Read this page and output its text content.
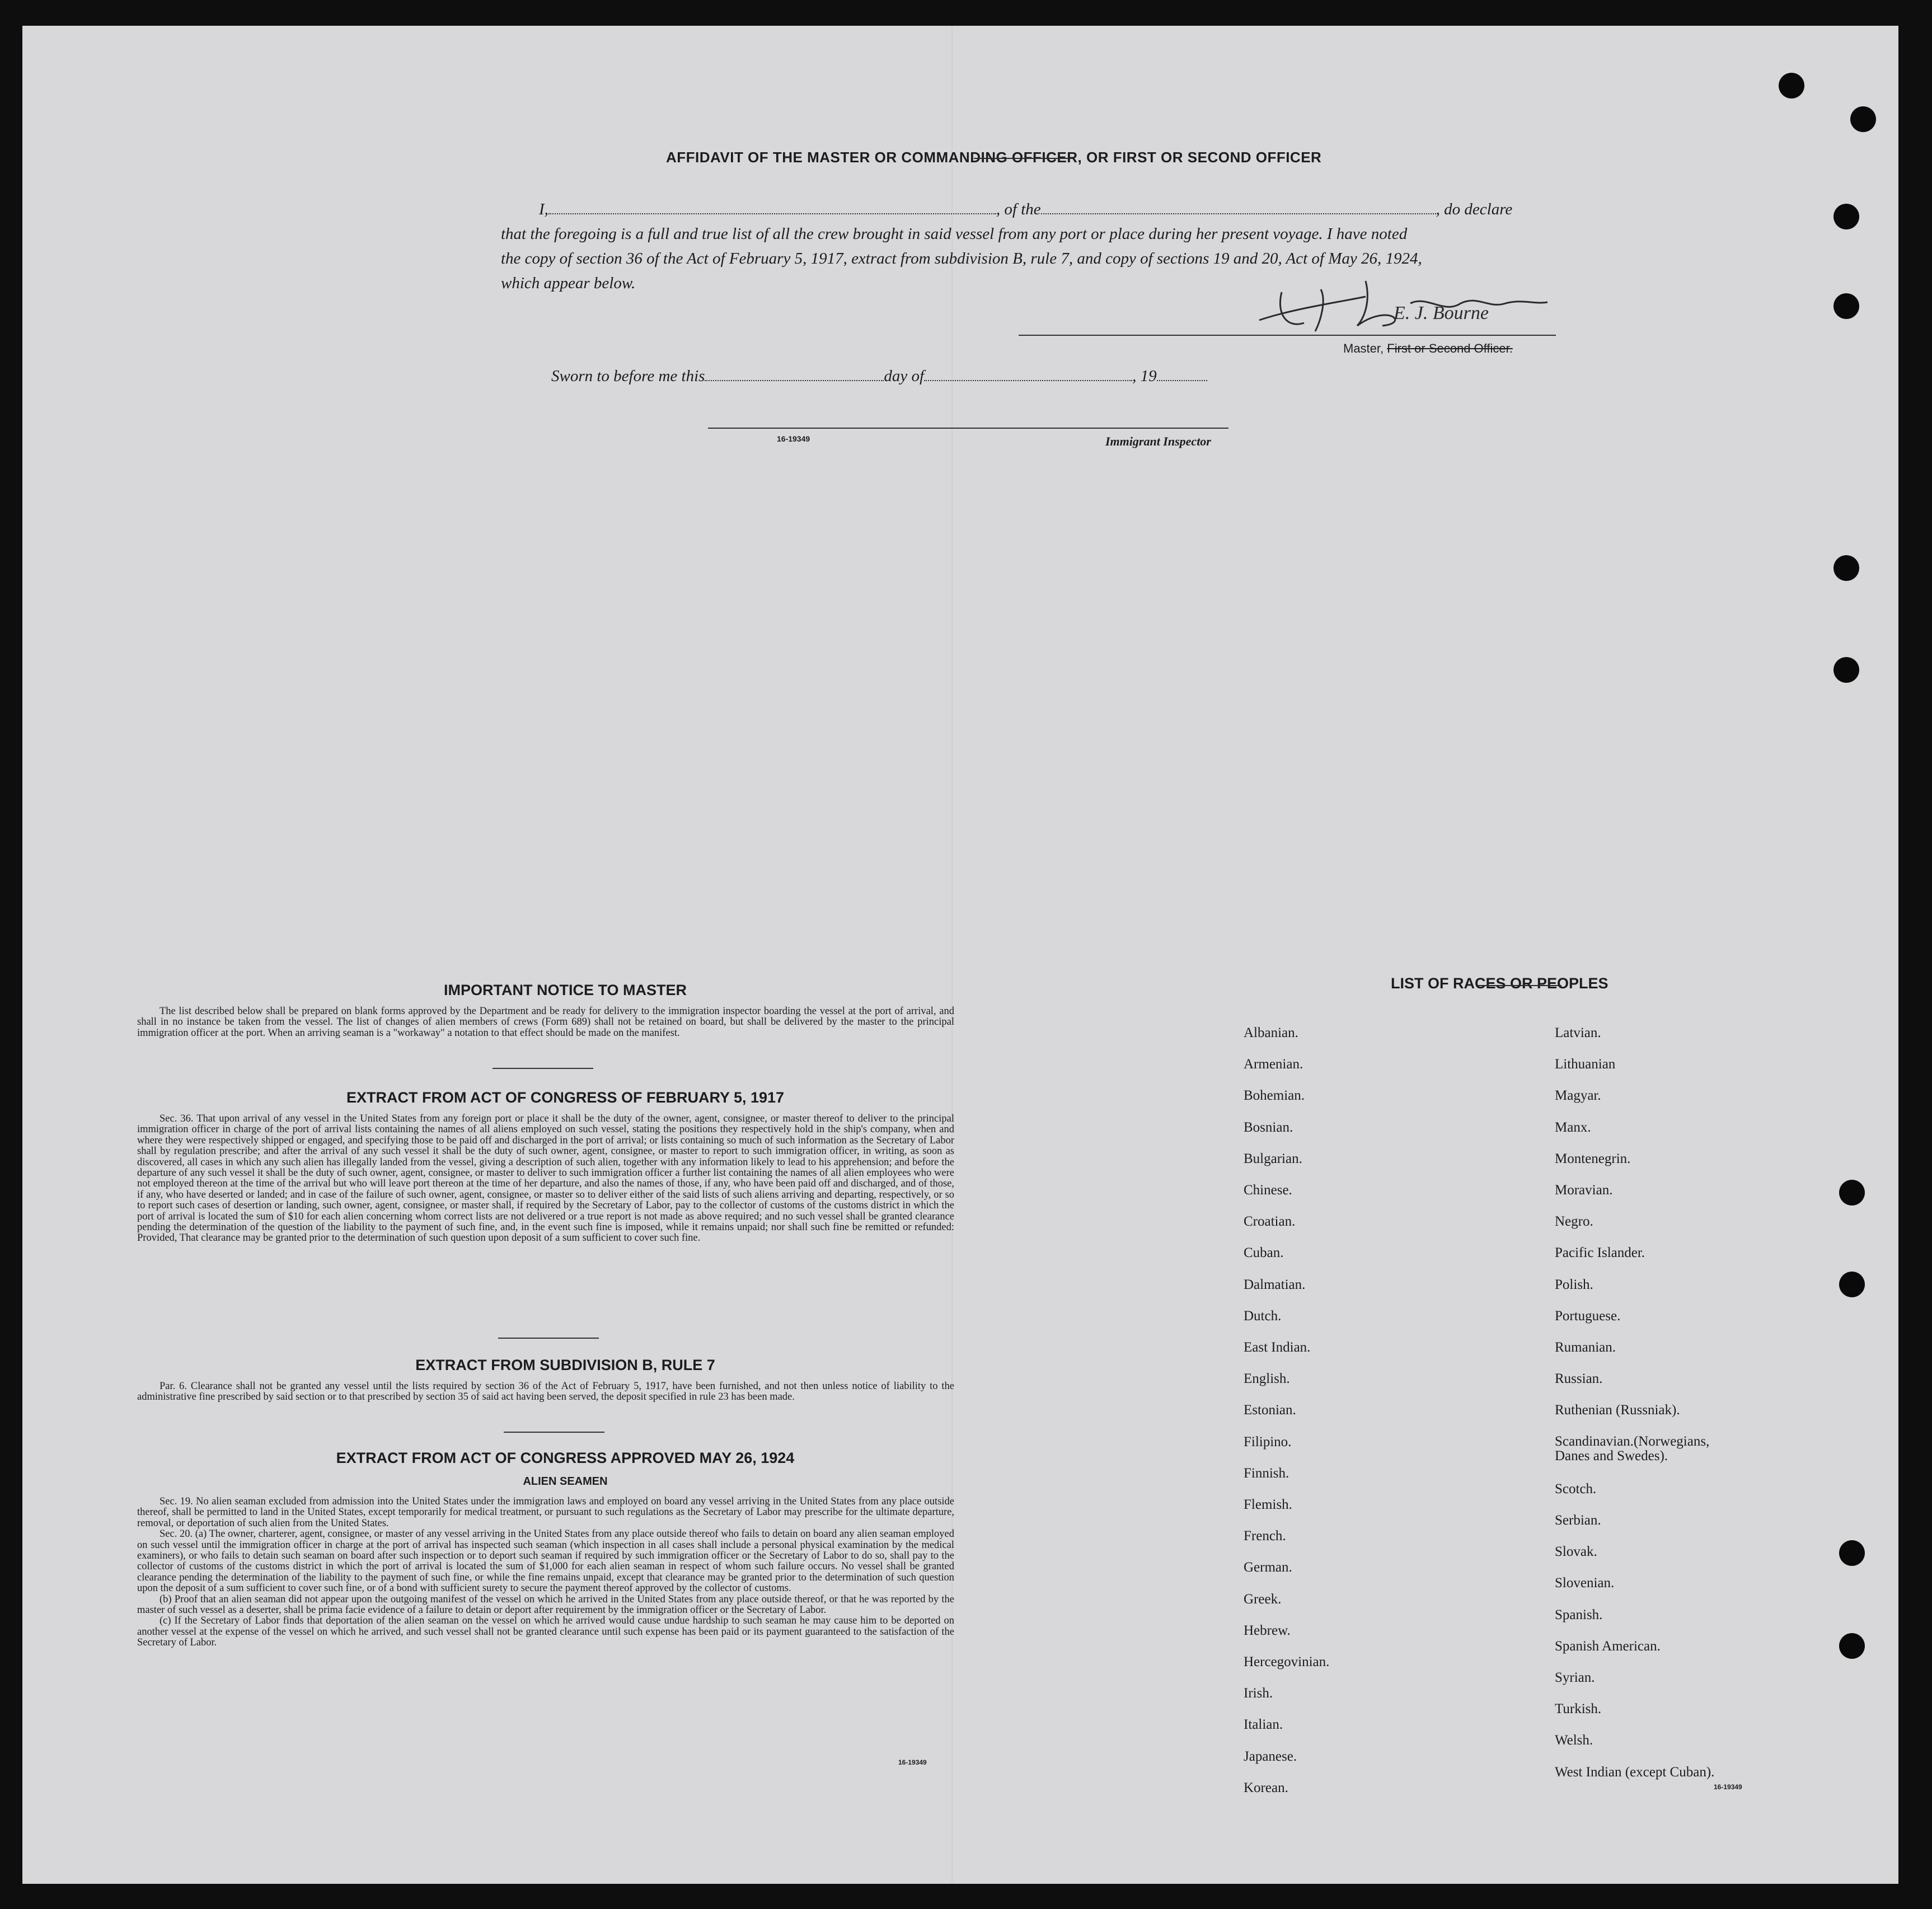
AFFIDAVIT OF THE MASTER OR COMMANDING OFFICER, OR FIRST OR SECOND OFFICER
I,	, of the	, do declare
that the foregoing is a full and true list of all the crew brought in said vessel from any port or place during her present voyage. I have noted
the copy of section 36 of the Act of February 5, 1917, extract from subdivision B, rule 7, and copy of sections 19 and 20, Act of May 26, 1924,
which appear below.
E. J. Bourne
Master, First or Second Officer.
Sworn to before me this	day of	, 19
16-19349	Immigrant Inspector
IMPORTANT NOTICE TO MASTER
The list described below shall be prepared on blank forms approved by the Department and be ready for delivery to the immigration inspector boarding the vessel at the port of arrival, and shall in no instance be taken from the vessel. The list of changes of alien members of crews (Form 689) shall not be retained on board, but shall be delivered by the master to the principal immigration officer at the port. When an arriving seaman is a "workaway" a notation to that effect should be made on the manifest.
EXTRACT FROM ACT OF CONGRESS OF FEBRUARY 5, 1917
Sec. 36. That upon arrival of any vessel in the United States from any foreign port or place it shall be the duty of the owner, agent, consignee, or master thereof to deliver to the principal immigration officer in charge of the port of arrival lists containing the names of all aliens employed on such vessel, stating the positions they respectively hold in the ship's company, when and where they were respectively shipped or engaged, and specifying those to be paid off and discharged in the port of arrival; or lists containing so much of such information as the Secretary of Labor shall by regulation prescribe; and after the arrival of any such vessel it shall be the duty of such owner, agent, consignee, or master to report to such immigration officer, in writing, as soon as discovered, all cases in which any such alien has illegally landed from the vessel, giving a description of such alien, together with any information likely to lead to his apprehension; and before the departure of any such vessel it shall be the duty of such owner, agent, consignee, or master to deliver to such immigration officer a further list containing the names of all alien employees who were not employed thereon at the time of the arrival but who will leave port thereon at the time of her departure, and also the names of those, if any, who have been paid off and discharged, and of those, if any, who have deserted or landed; and in case of the failure of such owner, agent, consignee, or master so to deliver either of the said lists of such aliens arriving and departing, respectively, or so to report such cases of desertion or landing, such owner, agent, consignee, or master shall, if required by the Secretary of Labor, pay to the collector of customs of the customs district in which the port of arrival is located the sum of $10 for each alien concerning whom correct lists are not delivered or a true report is not made as above required; and no such vessel shall be granted clearance pending the determination of the question of the liability to the payment of such fine, and, in the event such fine is imposed, while it remains unpaid; nor shall such fine be remitted or refunded: Provided, That clearance may be granted prior to the determination of such question upon deposit of a sum sufficient to cover such fine.
EXTRACT FROM SUBDIVISION B, RULE 7
Par. 6. Clearance shall not be granted any vessel until the lists required by section 36 of the Act of February 5, 1917, have been furnished, and not then unless notice of liability to the administrative fine prescribed by said section or to that prescribed by section 35 of said act having been served, the deposit specified in rule 23 has been made.
EXTRACT FROM ACT OF CONGRESS APPROVED MAY 26, 1924
ALIEN SEAMEN

Sec. 19. No alien seaman excluded from admission into the United States under the immigration laws and employed on board any vessel arriving in the United States from any place outside thereof, shall be permitted to land in the United States, except temporarily for medical treatment, or pursuant to such regulations as the Secretary of Labor may prescribe for the ultimate departure, removal, or deportation of such alien from the United States.

Sec. 20. (a) The owner, charterer, agent, consignee, or master of any vessel arriving in the United States from any place outside thereof who fails to detain on board any alien seaman employed on such vessel until the immigration officer in charge at the port of arrival has inspected such seaman (which inspection in all cases shall include a personal physical examination by the medical examiners), or who fails to detain such seaman on board after such inspection or to deport such seaman if required by such immigration officer or the Secretary of Labor to do so, shall pay to the collector of customs of the customs district in which the port of arrival is located the sum of $1,000 for each alien seaman in respect of whom such failure occurs. No vessel shall be granted clearance pending the determination of the liability to the payment of such fine, or while the fine remains unpaid, except that clearance may be granted prior to the determination of such question upon the deposit of a sum sufficient to cover such fine, or of a bond with sufficient surety to secure the payment thereof approved by the collector of customs.

(b) Proof that an alien seaman did not appear upon the outgoing manifest of the vessel on which he arrived in the United States from any place outside thereof, or that he was reported by the master of such vessel as a deserter, shall be prima facie evidence of a failure to detain or deport after requirement by the immigration officer or the Secretary of Labor.

(c) If the Secretary of Labor finds that deportation of the alien seaman on the vessel on which he arrived would cause undue hardship to such seaman he may cause him to be deported on another vessel at the expense of the vessel on which he arrived, and such vessel shall not be granted clearance until such expense has been paid or its payment guaranteed to the satisfaction of the Secretary of Labor.

16-19349
LIST OF RACES OR PEOPLES
Albanian.
Armenian.
Bohemian.
Bosnian.
Bulgarian.
Chinese.
Croatian.
Cuban.
Dalmatian.
Dutch.
East Indian.
English.
Estonian.
Filipino.
Finnish.
Flemish.
French.
German.
Greek.
Hebrew.
Hercegovinian.
Irish.
Italian.
Japanese.
Korean.
Latvian.
Lithuanian
Magyar.
Manx.
Montenegrin.
Moravian.
Negro.
Pacific Islander.
Polish.
Portuguese.
Rumanian.
Russian.
Ruthenian (Russniak).
Scandinavian.(Norwegians, Danes and Swedes).
Scotch.
Serbian.
Slovak.
Slovenian.
Spanish.
Spanish American.
Syrian.
Turkish.
Welsh.
West Indian (except Cuban).
16-19349
